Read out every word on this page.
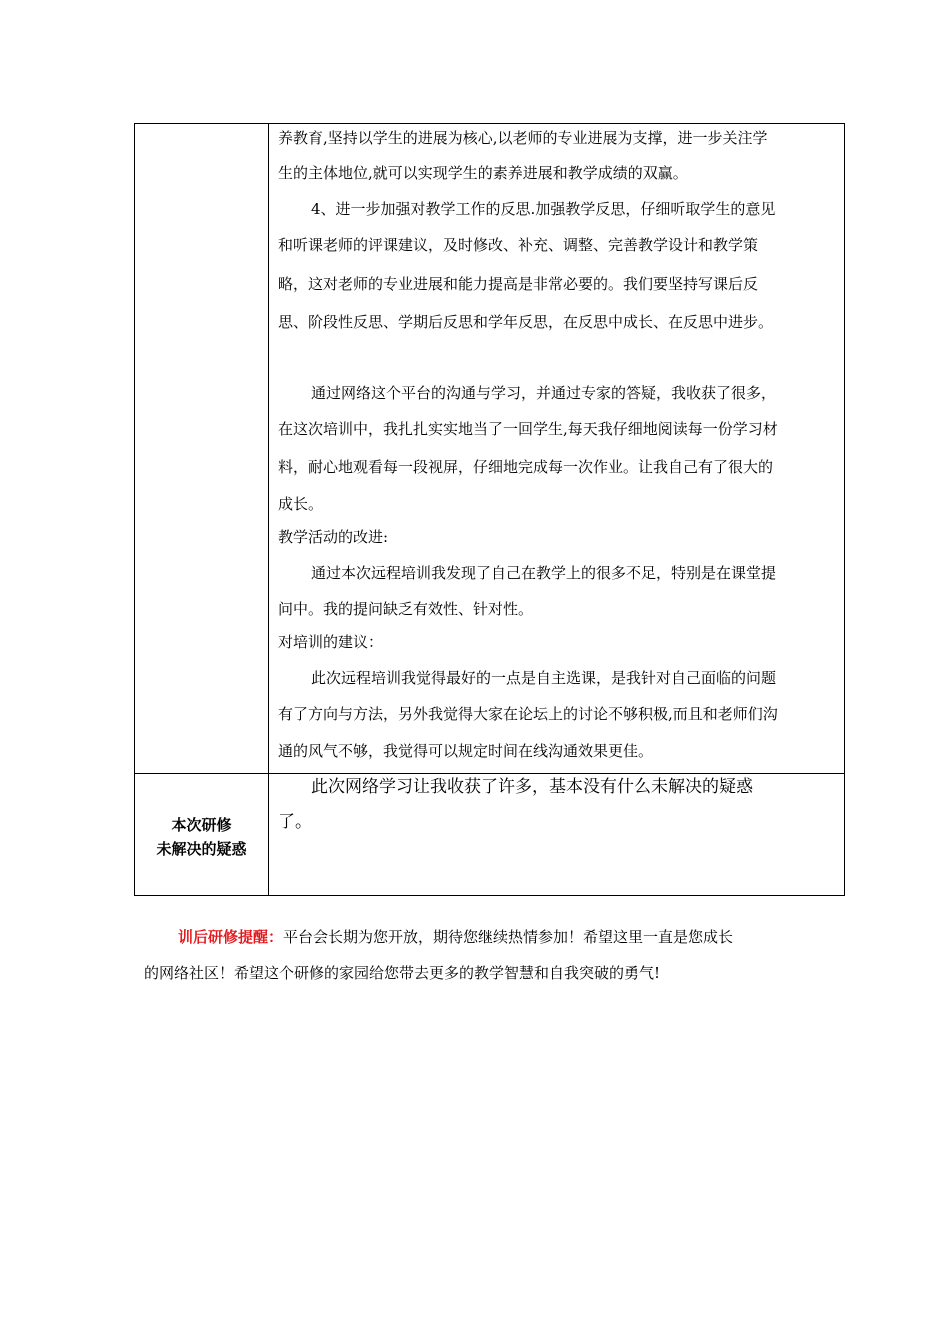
养教育,坚持以学生的进展为核心,以老师的专业进展为支撑，进一步关注学
生的主体地位,就可以实现学生的素养进展和教学成绩的双赢。
4、进一步加强对教学工作的反思.加强教学反思，仔细听取学生的意见
和听课老师的评课建议，及时修改、补充、调整、完善教学设计和教学策
略，这对老师的专业进展和能力提高是非常必要的。我们要坚持写课后反
思、阶段性反思、学期后反思和学年反思，在反思中成长、在反思中进步。
通过网络这个平台的沟通与学习，并通过专家的答疑，我收获了很多，
在这次培训中，我扎扎实实地当了一回学生,每天我仔细地阅读每一份学习材
料，耐心地观看每一段视屏，仔细地完成每一次作业。让我自己有了很大的
成长。
教学活动的改进:
通过本次远程培训我发现了自己在教学上的很多不足，特别是在课堂提
问中。我的提问缺乏有效性、针对性。
对培训的建议：
此次远程培训我觉得最好的一点是自主选课，是我针对自己面临的问题
有了方向与方法，另外我觉得大家在论坛上的讨论不够积极,而且和老师们沟
通的风气不够，我觉得可以规定时间在线沟通效果更佳。
本次研修
未解决的疑惑
此次网络学习让我收获了许多，基本没有什么未解决的疑惑
了。
训后研修提醒：平台会长期为您开放，期待您继续热情参加！希望这里一直是您成长
的网络社区！希望这个研修的家园给您带去更多的教学智慧和自我突破的勇气!
